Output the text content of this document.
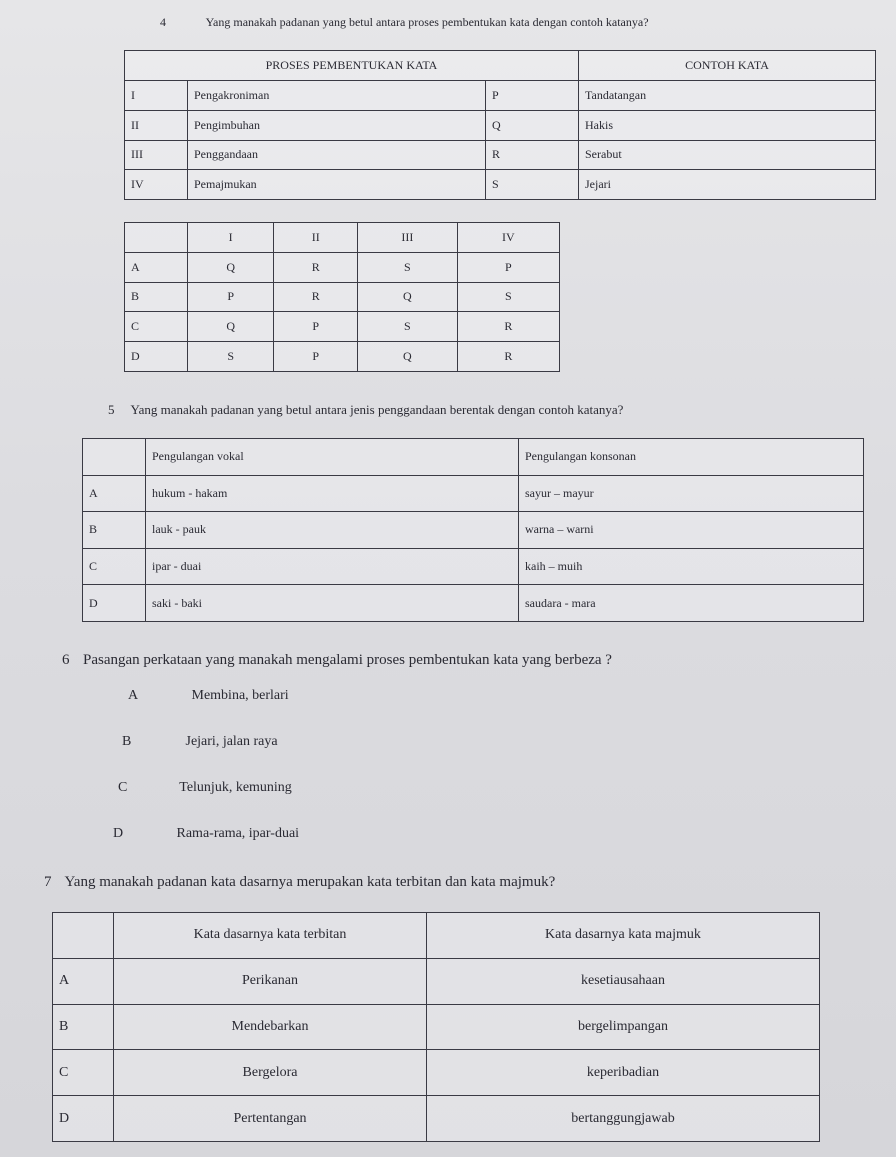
4	Yang manakah padanan yang betul antara proses pembentukan kata dengan contoh katanya?
PROSES PEMBENTUKAN KATA			CONTOH KATA
I	Pengakroniman	P	Tandatangan
II	Pengimbuhan	Q	Hakis
III	Penggandaan	R	Serabut
IV	Pemajmukan	S	Jejari
	I	II	III	IV
A	Q	R	S	P
B	P	R	Q	S
C	Q	P	S	R
D	S	P	Q	R
5 Yang manakah padanan yang betul antara jenis penggandaan berentak dengan contoh katanya?
	Pengulangan vokal	Pengulangan konsonan
A	hukum - hakam	sayur – mayur
B	lauk - pauk	warna – warni
C	ipar - duai	kaih – muih
D	saki - baki	saudara - mara
6 Pasangan perkataan yang manakah mengalami proses pembentukan kata yang berbeza ?
A	Membina, berlari
B	Jejari, jalan raya
C	Telunjuk, kemuning
D	Rama-rama, ipar-duai
7 Yang manakah padanan kata dasarnya merupakan kata terbitan dan kata majmuk?
	Kata dasarnya kata terbitan	Kata dasarnya kata majmuk
A	Perikanan	kesetiausahaan
B	Mendebarkan	bergelimpangan
C	Bergelora	keperibadian
D	Pertentangan	bertanggungjawab
